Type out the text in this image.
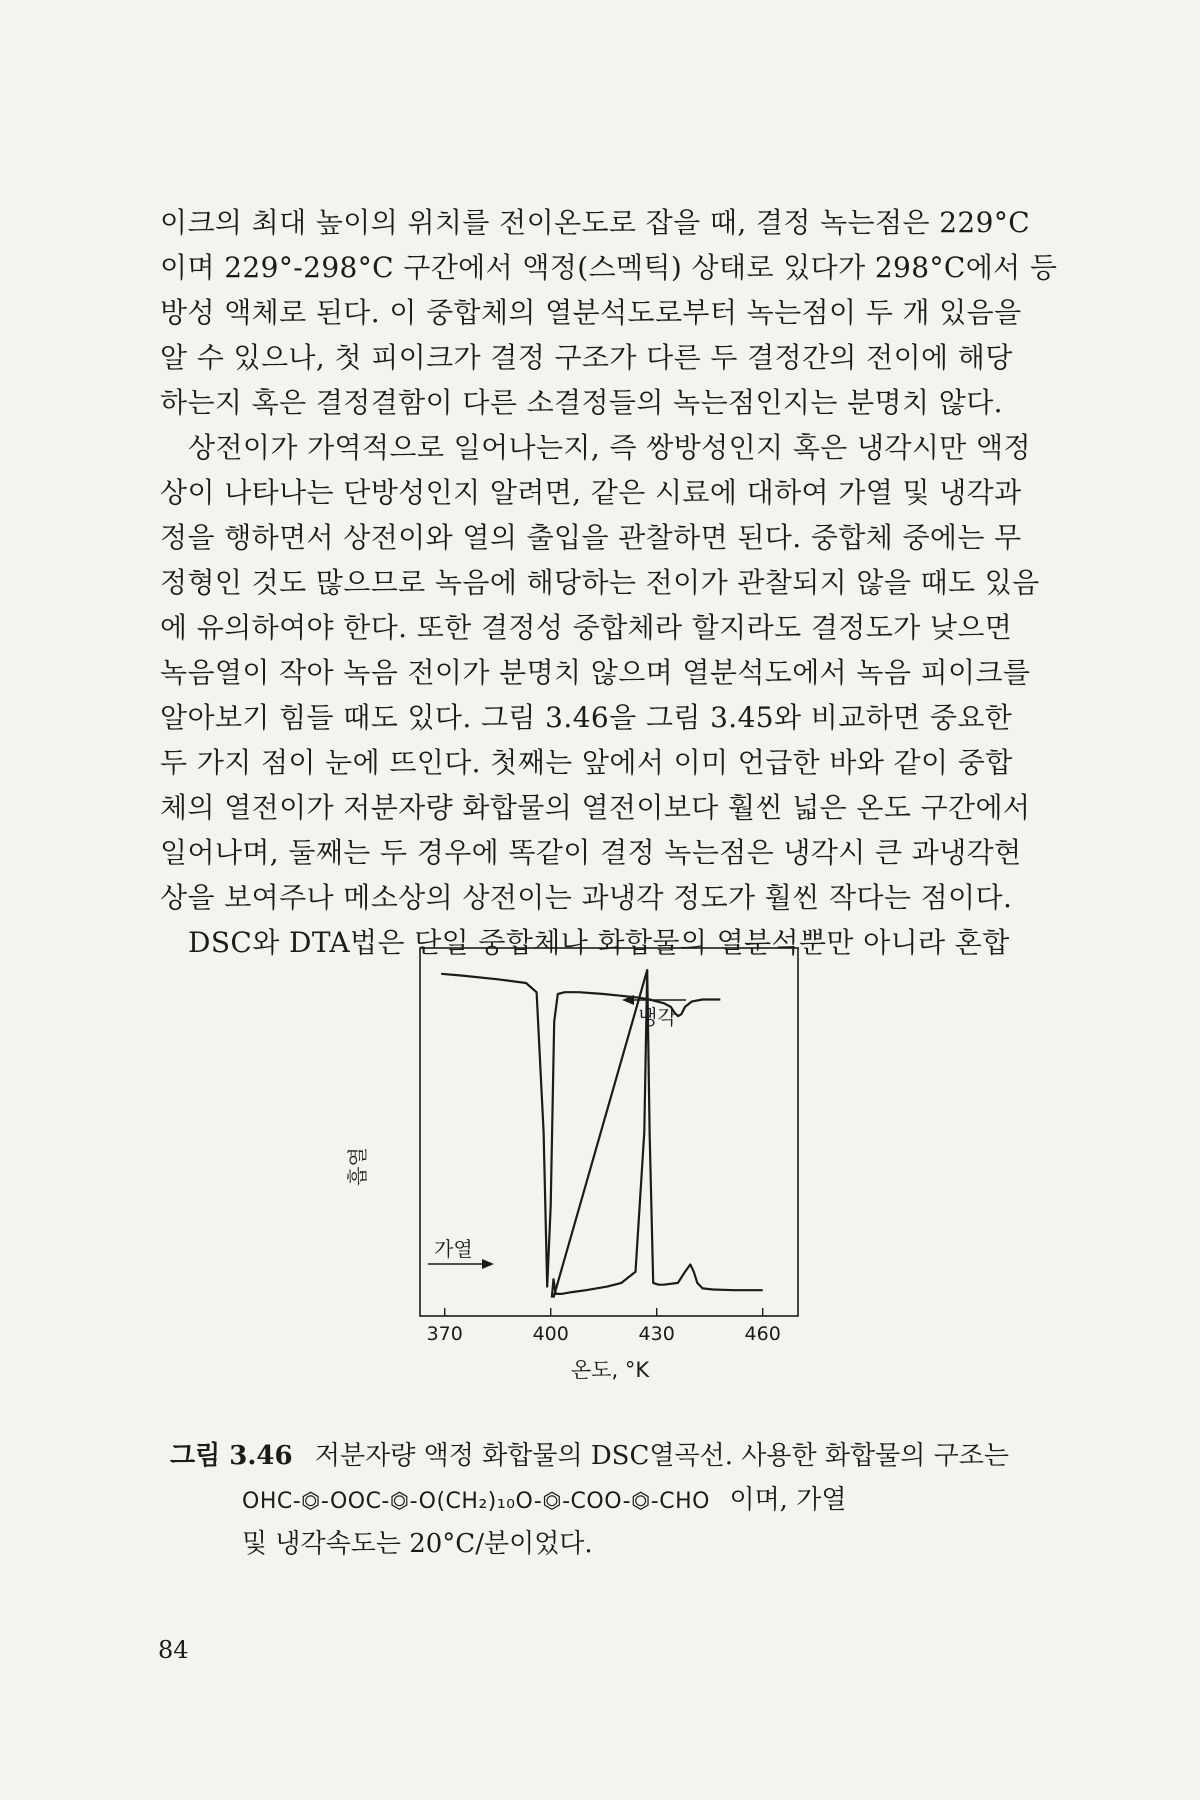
이크의 최대 높이의 위치를 전이온도로 잡을 때, 결정 녹는점은 229°C
이며 229°-298°C 구간에서 액정(스멕틱) 상태로 있다가 298°C에서 등
방성 액체로 된다. 이 중합체의 열분석도로부터 녹는점이 두 개 있음을
알 수 있으나, 첫 피이크가 결정 구조가 다른 두 결정간의 전이에 해당
하는지 혹은 결정결함이 다른 소결정들의 녹는점인지는 분명치 않다.
상전이가 가역적으로 일어나는지, 즉 쌍방성인지 혹은 냉각시만 액정
상이 나타나는 단방성인지 알려면, 같은 시료에 대하여 가열 및 냉각과
정을 행하면서 상전이와 열의 출입을 관찰하면 된다. 중합체 중에는 무
정형인 것도 많으므로 녹음에 해당하는 전이가 관찰되지 않을 때도 있음
에 유의하여야 한다. 또한 결정성 중합체라 할지라도 결정도가 낮으면
녹음열이 작아 녹음 전이가 분명치 않으며 열분석도에서 녹음 피이크를
알아보기 힘들 때도 있다. 그림 3.46을 그림 3.45와 비교하면 중요한
두 가지 점이 눈에 뜨인다. 첫째는 앞에서 이미 언급한 바와 같이 중합
체의 열전이가 저분자량 화합물의 열전이보다 훨씬 넓은 온도 구간에서
일어나며, 둘째는 두 경우에 똑같이 결정 녹는점은 냉각시 큰 과냉각현
상을 보여주나 메소상의 상전이는 과냉각 정도가 훨씬 작다는 점이다.
DSC와 DTA법은 단일 중합체나 화합물의 열분석뿐만 아니라 혼합
370	400	430	460
가열
냉각
흡열
온도, °K
그림 3.46 저분자량 액정 화합물의 DSC열곡선. 사용한 화합물의 구조는
OHC-⏣-OOC-⏣-O(CH₂)₁₀O-⏣-COO-⏣-CHO 이며, 가열
및 냉각속도는 20°C/분이었다.
84
